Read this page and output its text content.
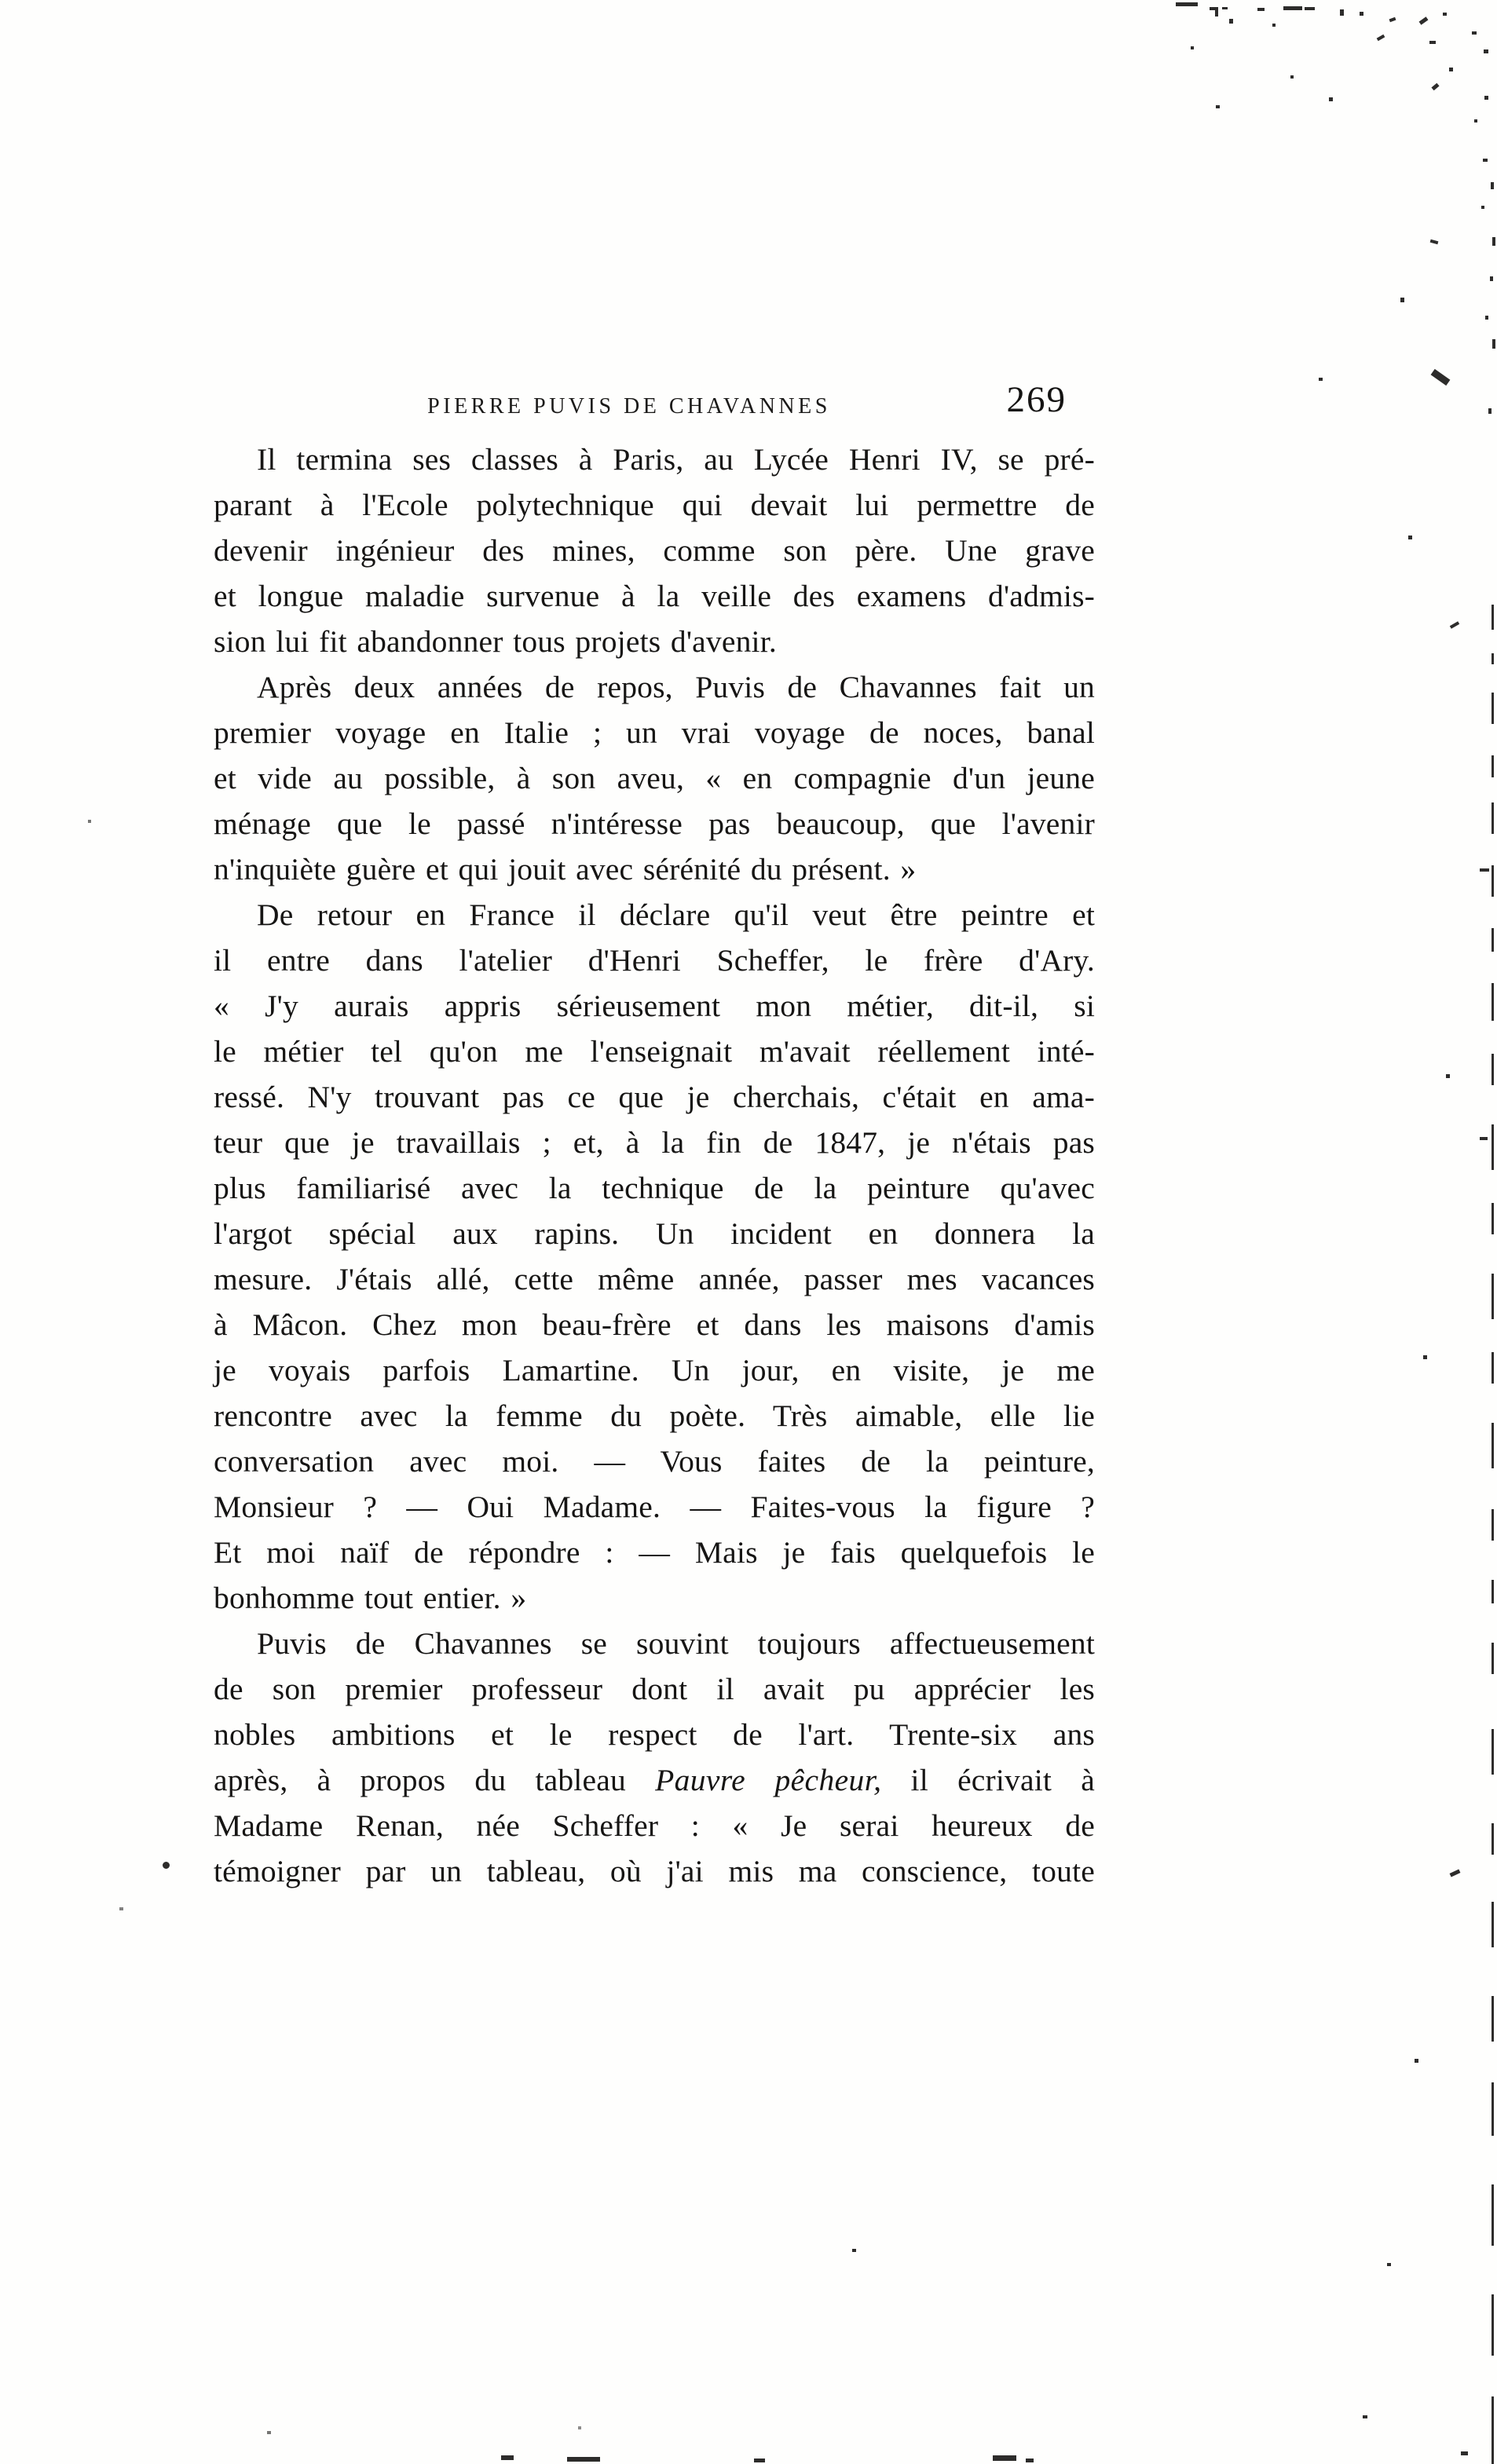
PIERRE PUVIS DE CHAVANNES	269
Il termina ses classes à Paris, au Lycée Henri IV, se pré-
parant à l'Ecole polytechnique qui devait lui permettre de
devenir ingénieur des mines, comme son père. Une grave
et longue maladie survenue à la veille des examens d'admis-
sion lui fit abandonner tous projets d'avenir.
Après deux années de repos, Puvis de Chavannes fait un
premier voyage en Italie ; un vrai voyage de noces, banal
et vide au possible, à son aveu, « en compagnie d'un jeune
ménage que le passé n'intéresse pas beaucoup, que l'avenir
n'inquiète guère et qui jouit avec sérénité du présent. »
De retour en France il déclare qu'il veut être peintre et
il entre dans l'atelier d'Henri Scheffer, le frère d'Ary.
« J'y aurais appris sérieusement mon métier, dit-il, si
le métier tel qu'on me l'enseignait m'avait réellement inté-
ressé. N'y trouvant pas ce que je cherchais, c'était en ama-
teur que je travaillais ; et, à la fin de 1847, je n'étais pas
plus familiarisé avec la technique de la peinture qu'avec
l'argot spécial aux rapins. Un incident en donnera la
mesure. J'étais allé, cette même année, passer mes vacances
à Mâcon. Chez mon beau-frère et dans les maisons d'amis
je voyais parfois Lamartine. Un jour, en visite, je me
rencontre avec la femme du poète. Très aimable, elle lie
conversation avec moi. — Vous faites de la peinture,
Monsieur ? — Oui Madame. — Faites-vous la figure ?
Et moi naïf de répondre : — Mais je fais quelquefois le
bonhomme tout entier. »
Puvis de Chavannes se souvint toujours affectueusement
de son premier professeur dont il avait pu apprécier les
nobles ambitions et le respect de l'art. Trente-six ans
après, à propos du tableau Pauvre pêcheur, il écrivait à
Madame Renan, née Scheffer : « Je serai heureux de
témoigner par un tableau, où j'ai mis ma conscience, toute
